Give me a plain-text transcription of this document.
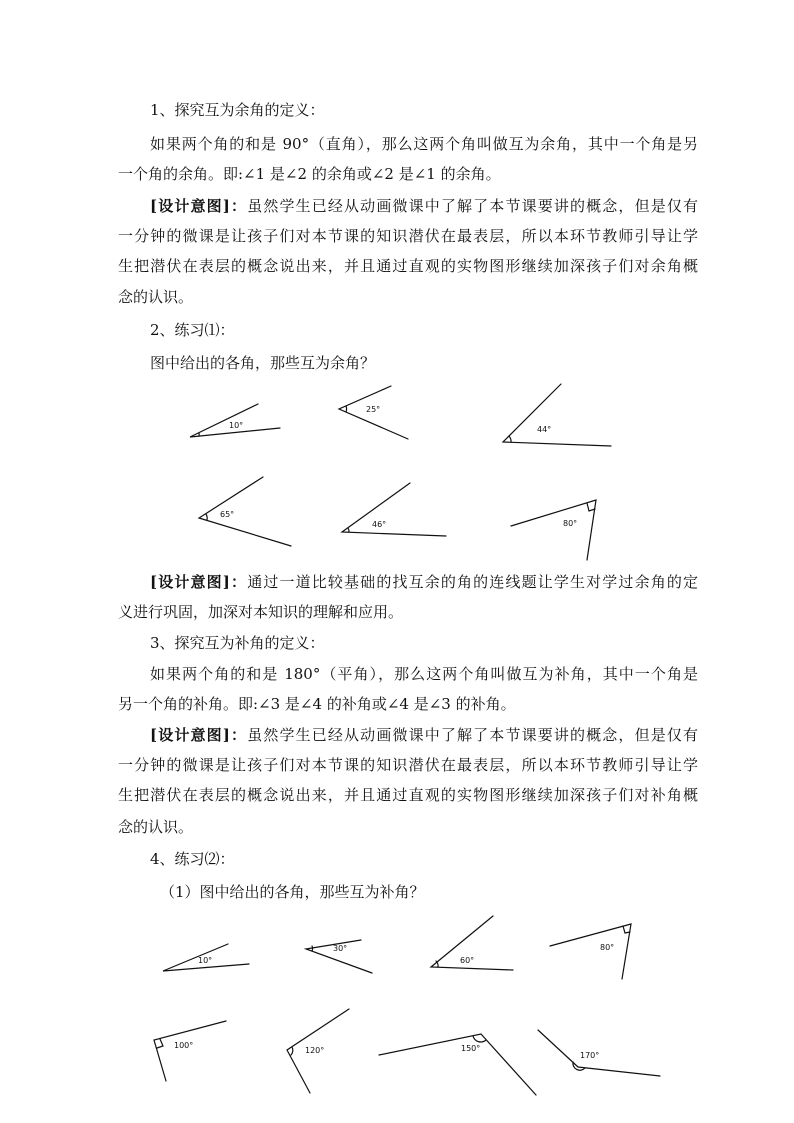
1、探究互为余角的定义：
如果两个角的和是 90°（直角），那么这两个角叫做互为余角，其中一个角是另
一个角的余角。即:∠1 是∠2 的余角或∠2 是∠1 的余角。
[设计意图]：虽然学生已经从动画微课中了解了本节课要讲的概念，但是仅有
一分钟的微课是让孩子们对本节课的知识潜伏在最表层，所以本环节教师引导让学
生把潜伏在表层的概念说出来，并且通过直观的实物图形继续加深孩子们对余角概
念的认识。
2、练习⑴：
图中给出的各角，那些互为余角？
[设计意图]：通过一道比较基础的找互余的角的连线题让学生对学过余角的定
义进行巩固，加深对本知识的理解和应用。
3、探究互为补角的定义：
如果两个角的和是 180°（平角），那么这两个角叫做互为补角，其中一个角是
另一个角的补角。即:∠3 是∠4 的补角或∠4 是∠3 的补角。
[设计意图]：虽然学生已经从动画微课中了解了本节课要讲的概念，但是仅有
一分钟的微课是让孩子们对本节课的知识潜伏在最表层，所以本环节教师引导让学
生把潜伏在表层的概念说出来，并且通过直观的实物图形继续加深孩子们对补角概
念的认识。
4、练习⑵：
（1）图中给出的各角，那些互为补角？
10°
25°
44°
65°
46°	80°
10°
30°
60°
80°
100°
120°	150°
170°
